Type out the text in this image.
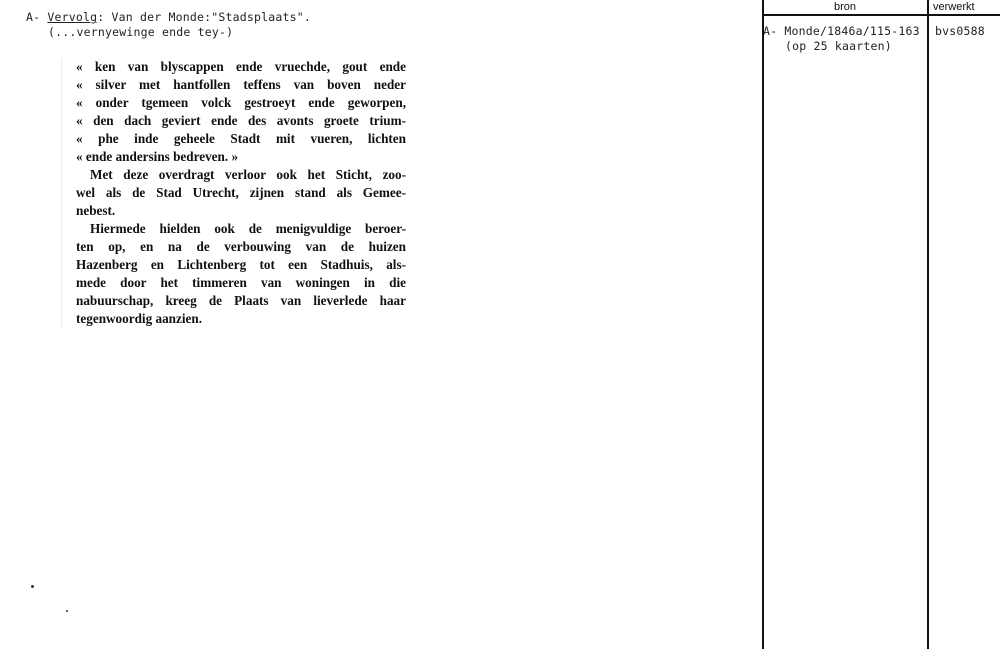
A- Vervolg: Van der Monde:"Stadsplaats".
(...vernyewinge ende tey-)
« ken van blyscappen ende vruechde, gout ende
« silver met hantfollen teffens van boven neder
« onder tgemeen volck gestroeyt ende geworpen,
« den dach geviert ende des avonts groete trium-
« phe inde geheele Stadt mit vueren, lichten
« ende andersins bedreven. »
Met deze overdragt verloor ook het Sticht, zoo-
wel als de Stad Utrecht, zijnen stand als Gemee-
nebest.
Hiermede hielden ook de menigvuldige beroer-
ten op, en na de verbouwing van de huizen
Hazenberg en Lichtenberg tot een Stadhuis, als-
mede door het timmeren van woningen in die
nabuurschap, kreeg de Plaats van lieverlede haar
tegenwoordig aanzien.
bron	verwerkt
A- Monde/1846a/115-163
(op 25 kaarten)
bvs0588
